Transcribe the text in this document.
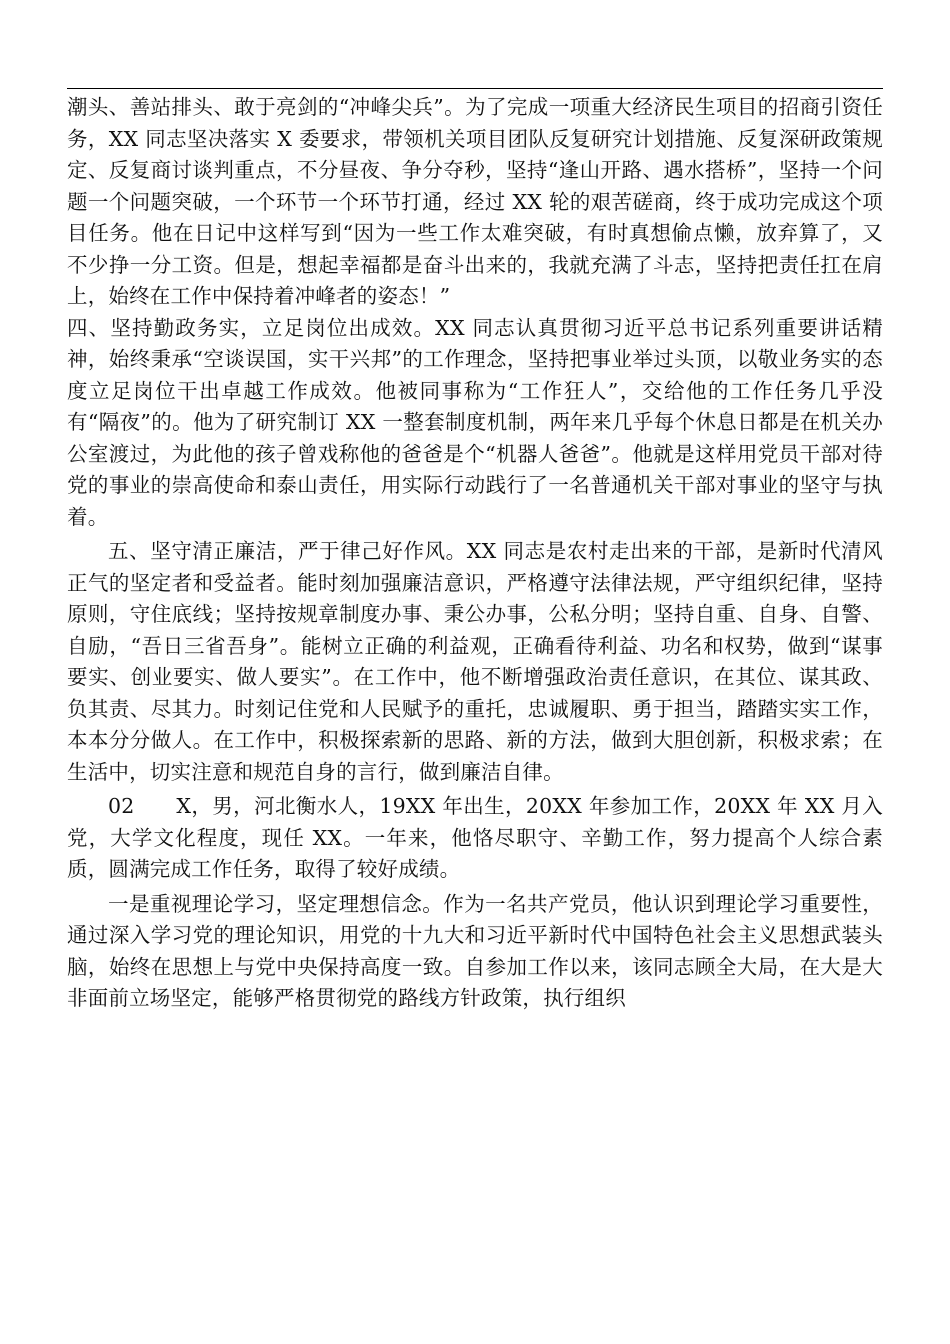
潮头、善站排头、敢于亮剑的“冲峰尖兵”。为了完成一项重大经济民生项目的招商引资任务，XX 同志坚决落实 X 委要求，带领机关项目团队反复研究计划措施、反复深研政策规定、反复商讨谈判重点，不分昼夜、争分夺秒，坚持“逢山开路、遇水搭桥”，坚持一个问题一个问题突破，一个环节一个环节打通，经过 XX 轮的艰苦磋商，终于成功完成这个项目任务。他在日记中这样写到“因为一些工作太难突破，有时真想偷点懒，放弃算了，又不少挣一分工资。但是，想起幸福都是奋斗出来的，我就充满了斗志，坚持把责任扛在肩上，始终在工作中保持着冲峰者的姿态！”

四、坚持勤政务实，立足岗位出成效。XX 同志认真贯彻习近平总书记系列重要讲话精神，始终秉承“空谈误国，实干兴邦”的工作理念，坚持把事业举过头顶，以敬业务实的态度立足岗位干出卓越工作成效。他被同事称为“工作狂人”，交给他的工作任务几乎没有“隔夜”的。他为了研究制订 XX 一整套制度机制，两年来几乎每个休息日都是在机关办公室渡过，为此他的孩子曾戏称他的爸爸是个“机器人爸爸”。他就是这样用党员干部对待党的事业的崇高使命和泰山责任，用实际行动践行了一名普通机关干部对事业的坚守与执着。

五、坚守清正廉洁，严于律己好作风。XX 同志是农村走出来的干部，是新时代清风正气的坚定者和受益者。能时刻加强廉洁意识，严格遵守法律法规，严守组织纪律，坚持原则，守住底线；坚持按规章制度办事、秉公办事，公私分明；坚持自重、自身、自警、自励，“吾日三省吾身”。能树立正确的利益观，正确看待利益、功名和权势，做到“谋事要实、创业要实、做人要实”。在工作中，他不断增强政治责任意识，在其位、谋其政、负其责、尽其力。时刻记住党和人民赋予的重托，忠诚履职、勇于担当，踏踏实实工作，本本分分做人。在工作中，积极探索新的思路、新的方法，做到大胆创新，积极求索；在生活中，切实注意和规范自身的言行，做到廉洁自律。

02　　X，男，河北衡水人，19XX 年出生，20XX 年参加工作，20XX 年 XX 月入党，大学文化程度，现任 XX。一年来，他恪尽职守、辛勤工作，努力提高个人综合素质，圆满完成工作任务，取得了较好成绩。

一是重视理论学习，坚定理想信念。作为一名共产党员，他认识到理论学习重要性，通过深入学习党的理论知识，用党的十九大和习近平新时代中国特色社会主义思想武装头脑，始终在思想上与党中央保持高度一致。自参加工作以来，该同志顾全大局，在大是大非面前立场坚定，能够严格贯彻党的路线方针政策，执行组织
